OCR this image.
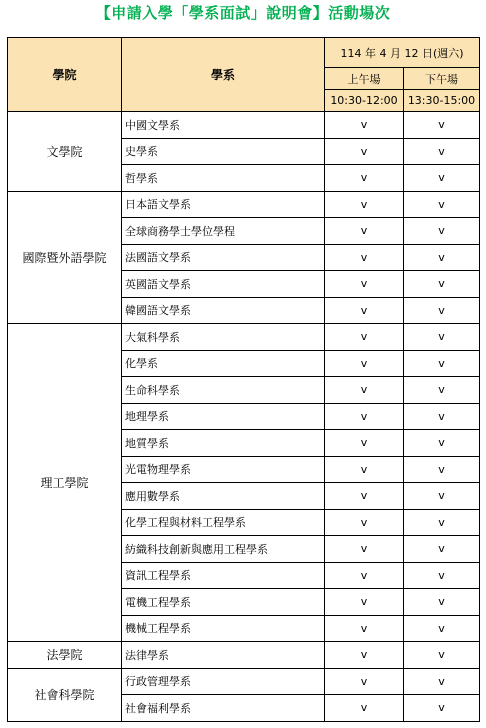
【申請入學「學系面試」說明會】活動場次
學院	學系	114 年 4 月 12 日(週六)	
		上午場	下午場
		10:30-12:00	13:30-15:00
文學院	中國文學系	v	v
	史學系	v	v
	哲學系	v	v
國際暨外語學院	日本語文學系	v	v
	全球商務學士學位學程	v	v
	法國語文學系	v	v
	英國語文學系	v	v
	韓國語文學系	v	v
理工學院	大氣科學系	v	v
	化學系	v	v
	生命科學系	v	v
	地理學系	v	v
	地質學系	v	v
	光電物理學系	v	v
	應用數學系	v	v
	化學工程與材料工程學系	v	v
	紡織科技創新與應用工程學系	v	v
	資訊工程學系	v	v
	電機工程學系	v	v
	機械工程學系	v	v
法學院	法律學系	v	v
社會科學院	行政管理學系	v	v
	社會福利學系	v	v
